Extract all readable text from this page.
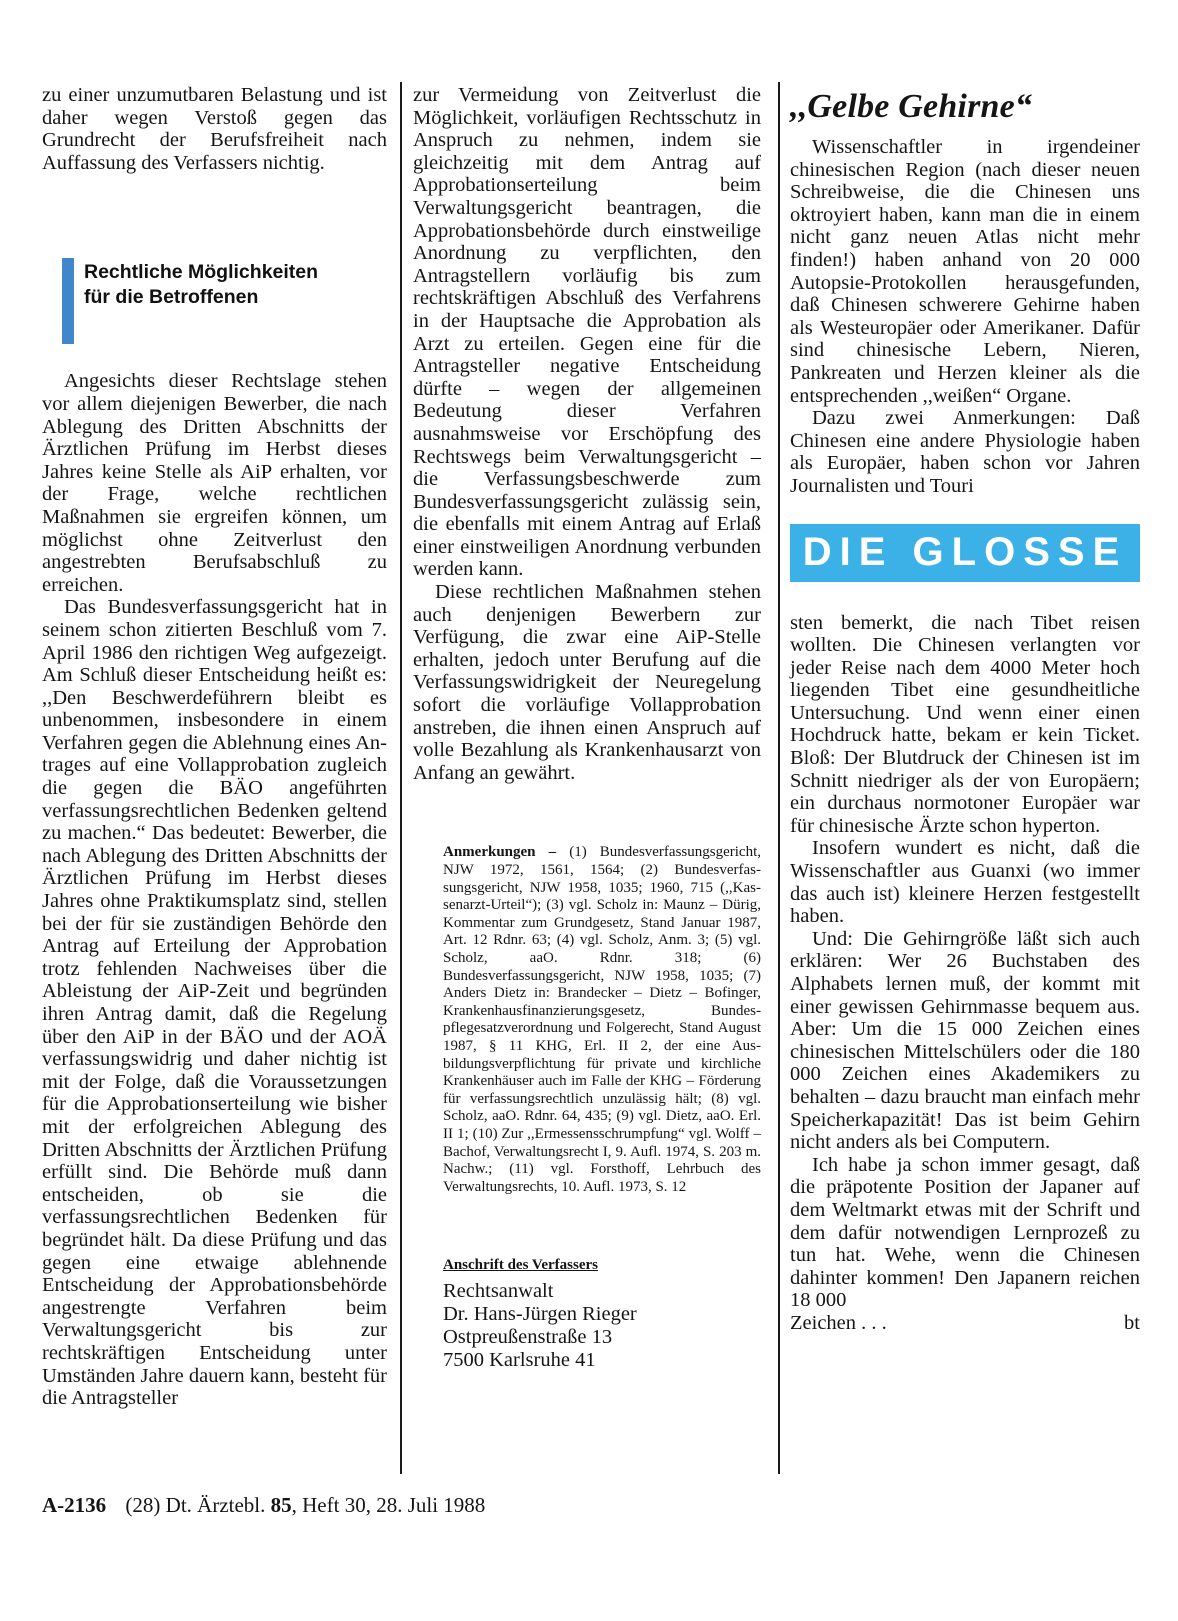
zu einer unzumutbaren Belastung und ist daher wegen Verstoß gegen das Grundrecht der Berufsfreiheit nach Auffassung des Verfassers nichtig.

Rechtliche Möglichkeiten
für die Betroffenen

Angesichts dieser Rechtslage stehen vor allem diejenigen Bewerber, die nach Ablegung des Dritten Abschnitts der Ärztlichen Prüfung im Herbst dieses Jahres keine Stelle als AiP erhalten, vor der Frage, welche rechtlichen Maßnahmen sie ergreifen können, um möglichst ohne Zeitverlust den angestrebten Berufsabschluß zu erreichen.

Das Bundesverfassungsgericht hat in seinem schon zitierten Beschluß vom 7. April 1986 den richtigen Weg aufgezeigt. Am Schluß dieser Entscheidung heißt es: ,,Den Beschwerdeführern bleibt es unbenommen, insbesondere in einem Verfahren gegen die Ablehnung eines Antrages auf eine Vollapprobation zugleich die gegen die BÄO angeführten verfassungsrechtlichen Bedenken geltend zu machen.“ Das bedeutet: Bewerber, die nach Ablegung des Dritten Abschnitts der Ärztlichen Prüfung im Herbst dieses Jahres ohne Praktikumsplatz sind, stellen bei der für sie zuständigen Behörde den Antrag auf Erteilung der Approbation trotz fehlenden Nachweises über die Ableistung der AiP-Zeit und begründen ihren Antrag damit, daß die Regelung über den AiP in der BÄO und der AOÄ verfassungswidrig und daher nichtig ist mit der Folge, daß die Voraussetzungen für die Approbationserteilung wie bisher mit der erfolgreichen Ablegung des Dritten Abschnitts der Ärztlichen Prüfung erfüllt sind. Die Behörde muß dann entscheiden, ob sie die verfassungsrechtlichen Bedenken für begründet hält. Da diese Prüfung und das gegen eine etwaige ablehnende Entscheidung der Approbationsbehörde angestrengte Verfahren beim Verwaltungsgericht bis zur rechtskräftigen Entscheidung unter Umständen Jahre dauern kann, besteht für die Antragsteller

zur Vermeidung von Zeitverlust die Möglichkeit, vorläufigen Rechtsschutz in Anspruch zu nehmen, indem sie gleichzeitig mit dem Antrag auf Approbationserteilung beim Verwaltungsgericht beantragen, die Approbationsbehörde durch einstweilige Anordnung zu verpflichten, den Antragstellern vorläufig bis zum rechtskräftigen Abschluß des Verfahrens in der Hauptsache die Approbation als Arzt zu erteilen. Gegen eine für die Antragsteller negative Entscheidung dürfte – wegen der allgemeinen Bedeutung dieser Verfahren ausnahmsweise vor Erschöpfung des Rechtswegs beim Verwaltungsgericht – die Verfassungsbeschwerde zum Bundesverfassungsgericht zulässig sein, die ebenfalls mit einem Antrag auf Erlaß einer einstweiligen Anordnung verbunden werden kann.

Diese rechtlichen Maßnahmen stehen auch denjenigen Bewerbern zur Verfügung, die zwar eine AiP-Stelle erhalten, jedoch unter Berufung auf die Verfassungswidrigkeit der Neuregelung sofort die vorläufige Vollapprobation anstreben, die ihnen einen Anspruch auf volle Bezahlung als Krankenhausarzt von Anfang an gewährt.

Anmerkungen – (1) Bundesverfassungsgericht, NJW 1972, 1561, 1564; (2) Bundesverfassungsgericht, NJW 1958, 1035; 1960, 715 (,,Kassenarzt-Urteil“); (3) vgl. Scholz in: Maunz – Dürig, Kommentar zum Grundgesetz, Stand Januar 1987, Art. 12 Rdnr. 63; (4) vgl. Scholz, Anm. 3; (5) vgl. Scholz, aaO. Rdnr. 318; (6) Bundesverfassungsgericht, NJW 1958, 1035; (7) Anders Dietz in: Brandecker – Dietz – Bofinger, Krankenhausfinanzierungsgesetz, Bundespflegesatzverordnung und Folgerecht, Stand August 1987, § 11 KHG, Erl. II 2, der eine Ausbildungsverpflichtung für private und kirchliche Krankenhäuser auch im Falle der KHG – Förderung für verfassungsrechtlich unzulässig hält; (8) vgl. Scholz, aaO. Rdnr. 64, 435; (9) vgl. Dietz, aaO. Erl. II 1; (10) Zur ,,Ermessensschrumpfung“ vgl. Wolff – Bachof, Verwaltungsrecht I, 9. Aufl. 1974, S. 203 m. Nachw.; (11) vgl. Forsthoff, Lehrbuch des Verwaltungsrechts, 10. Aufl. 1973, S. 12

Anschrift des Verfassers
Rechtsanwalt
Dr. Hans-Jürgen Rieger
Ostpreußenstraße 13
7500 Karlsruhe 41
,,Gelbe Gehirne“

Wissenschaftler in irgendeiner chinesischen Region (nach dieser neuen Schreibweise, die die Chinesen uns oktroyiert haben, kann man die in einem nicht ganz neuen Atlas nicht mehr finden!) haben anhand von 20 000 Autopsie-Protokollen herausgefunden, daß Chinesen schwerere Gehirne haben als Westeuropäer oder Amerikaner. Dafür sind chinesische Lebern, Nieren, Pankreaten und Herzen kleiner als die entsprechenden ,,weißen“ Organe.

Dazu zwei Anmerkungen: Daß Chinesen eine andere Physiologie haben als Europäer, haben schon vor Jahren Journalisten und Touri

DIE GLOSSE

sten bemerkt, die nach Tibet reisen wollten. Die Chinesen verlangten vor jeder Reise nach dem 4000 Meter hoch liegenden Tibet eine gesundheitliche Untersuchung. Und wenn einer einen Hochdruck hatte, bekam er kein Ticket. Bloß: Der Blutdruck der Chinesen ist im Schnitt niedriger als der von Europäern; ein durchaus normotoner Europäer war für chinesische Ärzte schon hyperton.

Insofern wundert es nicht, daß die Wissenschaftler aus Guanxi (wo immer das auch ist) kleinere Herzen festgestellt haben.

Und: Die Gehirngröße läßt sich auch erklären: Wer 26 Buchstaben des Alphabets lernen muß, der kommt mit einer gewissen Gehirnmasse bequem aus. Aber: Um die 15 000 Zeichen eines chinesischen Mittelschülers oder die 180 000 Zeichen eines Akademikers zu behalten – dazu braucht man einfach mehr Speicherkapazität! Das ist beim Gehirn nicht anders als bei Computern.

Ich habe ja schon immer gesagt, daß die präpotente Position der Japaner auf dem Weltmarkt etwas mit der Schrift und dem dafür notwendigen Lernprozeß zu tun hat. Wehe, wenn die Chinesen dahinter kommen! Den Japanern reichen 18 000

Zeichen . . .	bt
A-2136 (28) Dt. Ärztebl. 85, Heft 30, 28. Juli 1988
